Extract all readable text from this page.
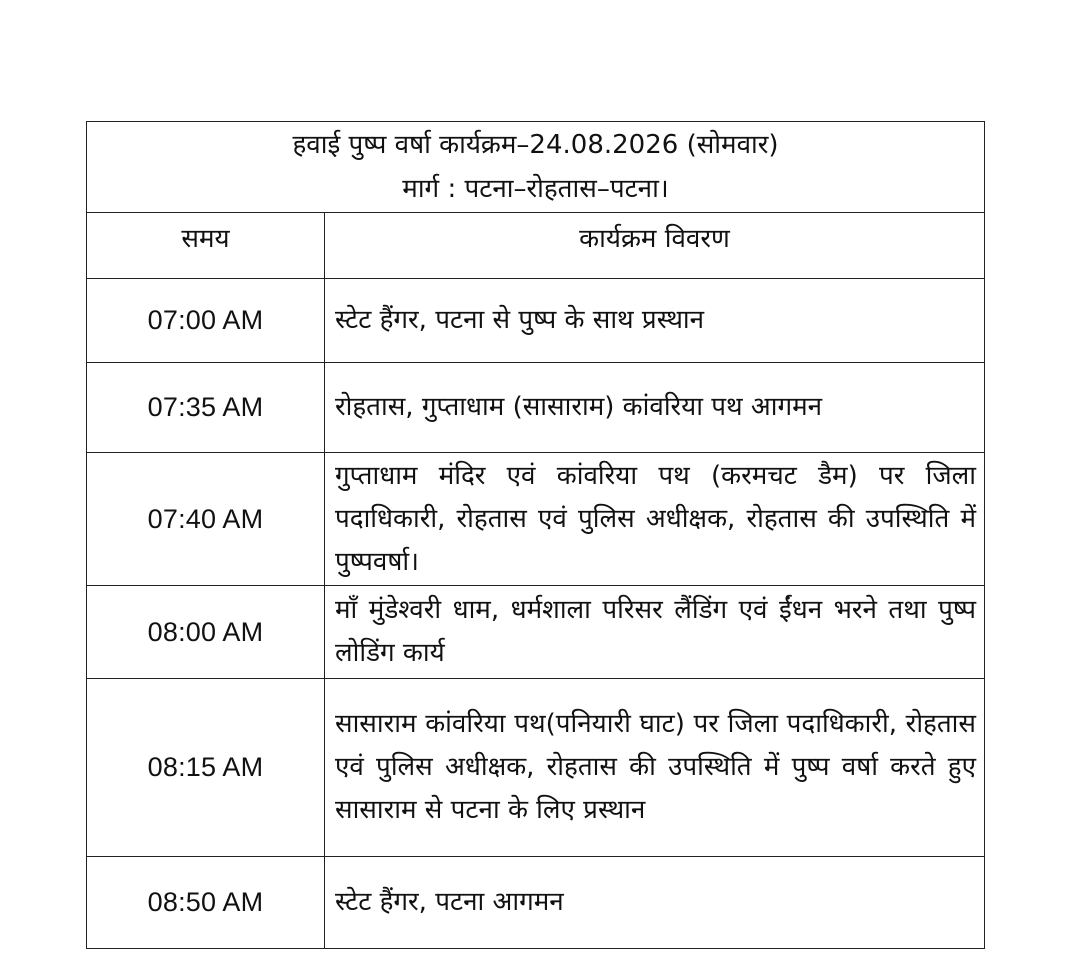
हवाई पुष्प वर्षा कार्यक्रम–24.08.2026 (सोमवार)
मार्ग : पटना–रोहतास–पटना।	

समय	कार्यक्रम विवरण
07:00 AM	स्टेट हैंगर, पटना से पुष्प के साथ प्रस्थान
07:35 AM	रोहतास, गुप्ताधाम (सासाराम) कांवरिया पथ आगमन
07:40 AM	गुप्ताधाम मंदिर एवं कांवरिया पथ (करमचट डैम) पर जिला पदाधिकारी, रोहतास एवं पुलिस अधीक्षक, रोहतास की उपस्थिति में पुष्पवर्षा।
08:00 AM	माँ मुंडेश्वरी धाम, धर्मशाला परिसर लैंडिंग एवं ईंधन भरने तथा पुष्प लोडिंग कार्य
08:15 AM	सासाराम कांवरिया पथ(पनियारी घाट) पर जिला पदाधिकारी, रोहतास एवं पुलिस अधीक्षक, रोहतास की उपस्थिति में पुष्प वर्षा करते हुए सासाराम से पटना के लिए प्रस्थान
08:50 AM	स्टेट हैंगर, पटना आगमन
